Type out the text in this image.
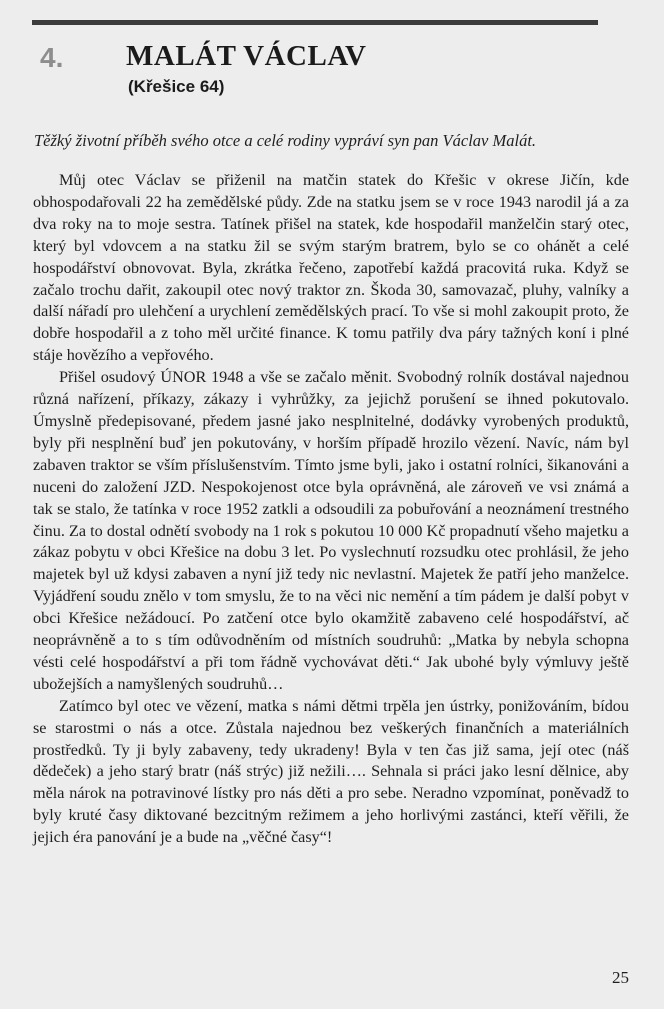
4. MALÁT VÁCLAV
(Křešice 64)
Těžký životní příběh svého otce a celé rodiny vypráví syn pan Václav Malát.

Můj otec Václav se přiženil na matčin statek do Křešic v okrese Jičín, kde obhospodařovali 22 ha zemědělské půdy. Zde na statku jsem se v roce 1943 narodil já a za dva roky na to moje sestra. Tatínek přišel na statek, kde hospodařil manželčin starý otec, který byl vdovcem a na statku žil se svým starým bratrem, bylo se co ohánět a celé hospodářství obnovovat. Byla, zkrátka řečeno, zapotřebí každá pracovitá ruka. Když se začalo trochu dařit, zakoupil otec nový traktor zn. Škoda 30, samovazač, pluhy, valníky a další nářadí pro ulehčení a urychlení zemědělských prací. To vše si mohl zakoupit proto, že dobře hospodařil a z toho měl určité finance. K tomu patřily dva páry tažných koní i plné stáje hovězího a vepřového.

Přišel osudový ÚNOR 1948 a vše se začalo měnit. Svobodný rolník dostával najednou různá nařízení, příkazy, zákazy i vyhrůžky, za jejichž porušení se ihned pokutovalo. Úmyslně předepisované, předem jasné jako nesplnitelné, dodávky vyrobených produktů, byly při nesplnění buď jen pokutovány, v horším případě hrozilo vězení. Navíc, nám byl zabaven traktor se vším příslušenstvím. Tímto jsme byli, jako i ostatní rolníci, šikanováni a nuceni do založení JZD. Nespokojenost otce byla oprávněná, ale zároveň ve vsi známá a tak se stalo, že tatínka v roce 1952 zatkli a odsoudili za pobuřování a neoznámení trestného činu. Za to dostal odnětí svobody na 1 rok s pokutou 10 000 Kč propadnutí všeho majetku a zákaz pobytu v obci Křešice na dobu 3 let. Po vyslechnutí rozsudku otec prohlásil, že jeho majetek byl už kdysi zabaven a nyní již tedy nic nevlastní. Majetek že patří jeho manželce. Vyjádření soudu znělo v tom smyslu, že to na věci nic nemění a tím pádem je další pobyt v obci Křešice nežádoucí. Po zatčení otce bylo okamžitě zabaveno celé hospodářství, ač neoprávněně a to s tím odůvodněním od místních soudruhů: „Matka by nebyla schopna vésti celé hospodářství a při tom řádně vychovávat děti.“ Jak ubohé byly výmluvy ještě ubožejších a namyšlených soudruhů…

Zatímco byl otec ve vězení, matka s námi dětmi trpěla jen ústrky, ponižováním, bídou se starostmi o nás a otce. Zůstala najednou bez veškerých finančních a materiálních prostředků. Ty ji byly zabaveny, tedy ukradeny! Byla v ten čas již sama, její otec (náš dědeček) a jeho starý bratr (náš strýc) již nežili…. Sehnala si práci jako lesní dělnice, aby měla nárok na potravinové lístky pro nás děti a pro sebe. Neradno vzpomínat, poněvadž to byly kruté časy diktované bezcitným režimem a jeho horlivými zastánci, kteří věřili, že jejich éra panování je a bude na „věčné časy“!

25
